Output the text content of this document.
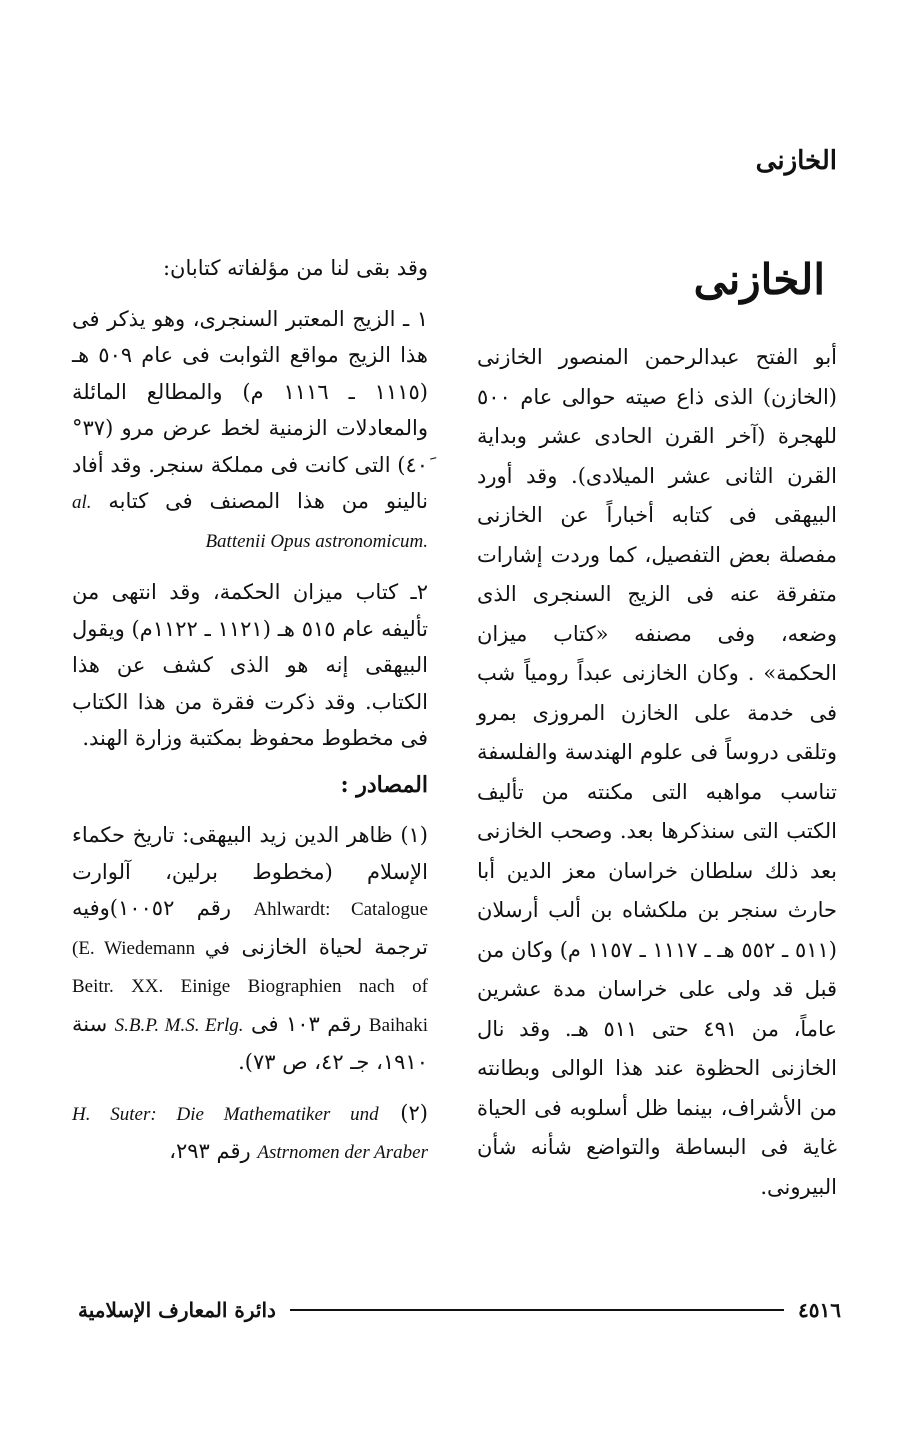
الخازنى
الخازنى

أبو الفتح عبدالرحمن المنصور الخازنى (الخازن) الذى ذاع صيته حوالى عام ٥٠٠ للهجرة (آخر القرن الحادى عشر وبداية القرن الثانى عشر الميلادى). وقد أورد البيهقى فى كتابه أخباراً عن الخازنى مفصلة بعض التفصيل، كما وردت إشارات متفرقة عنه فى الزيج السنجرى الذى وضعه، وفى مصنفه «كتاب ميزان الحكمة» . وكان الخازنى عبداً رومياً شب فى خدمة على الخازن المروزى بمرو وتلقى دروساً فى علوم الهندسة والفلسفة تناسب مواهبه التى مكنته من تأليف الكتب التى سنذكرها بعد. وصحب الخازنى بعد ذلك سلطان خراسان معز الدين أبا حارث سنجر بن ملكشاه بن ألب أرسلان (٥١١ ـ ٥٥٢ هـ ـ ١١١٧ ـ ١١٥٧ م) وكان من قبل قد ولى على خراسان مدة عشرين عاماً، من ٤٩١ حتى ٥١١ هـ. وقد نال الخازنى الحظوة عند هذا الوالى وبطانته من الأشراف، بينما ظل أسلوبه فى الحياة غاية فى البساطة والتواضع شأنه شأن البيرونى.

وقد بقى لنا من مؤلفاته كتابان:

١ ـ الزيج المعتبر السنجرى، وهو يذكر فى هذا الزيج مواقع الثوابت فى عام ٥٠٩ هـ (١١١٥ ـ ١١١٦ م) والمطالع المائلة والمعادلات الزمنية لخط عرض مرو (٣٧° ٤٠َ) التى كانت فى مملكة سنجر. وقد أفاد نالينو من هذا المصنف فى كتابه al. Battenii Opus astronomicum.

٢ـ كتاب ميزان الحكمة، وقد انتهى من تأليفه عام ٥١٥ هـ (١١٢١ ـ ١١٢٢م) ويقول البيهقى إنه هو الذى كشف عن هذا الكتاب. وقد ذكرت فقرة من هذا الكتاب فى مخطوط محفوظ بمكتبة وزارة الهند.

المصادر :

(١) ظاهر الدين زيد البيهقى: تاريخ حكماء الإسلام (مخطوط برلين، آلوارت Ahlwardt: Catalogue رقم ١٠٠٥٢)وفيه ترجمة لحياة الخازنى (E. Wiedemann في Beitr. XX. Einige Biographien nach of Baihaki رقم ١٠٣ فى S.B.P. M.S. Erlg. سنة ١٩١٠، جـ ٤٢، ص ٧٣).

(٢) H. Suter: Die Mathematiker und Astrnomen der Araber رقم ٢٩٣،

٤٥١٦
دائرة المعارف الإسلامية
